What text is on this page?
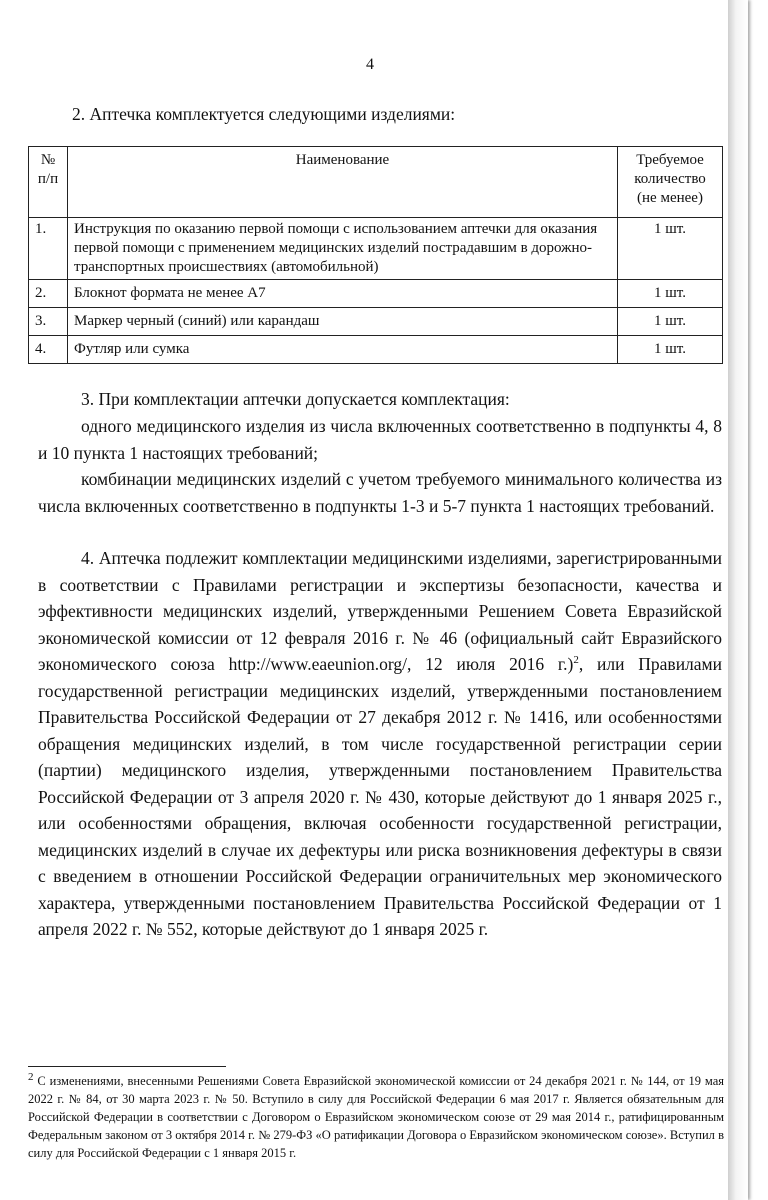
4

2. Аптечка комплектуется следующими изделиями:

№ п/п	Наименование	Требуемое количество (не менее)
1.	Инструкция по оказанию первой помощи с использованием аптечки для оказания первой помощи с применением медицинских изделий пострадавшим в дорожно-транспортных происшествиях (автомобильной)	1 шт.
2.	Блокнот формата не менее А7	1 шт.
3.	Маркер черный (синий) или карандаш	1 шт.
4.	Футляр или сумка	1 шт.

3. При комплектации аптечки допускается комплектация:

одного медицинского изделия из числа включенных соответственно в подпункты 4, 8 и 10 пункта 1 настоящих требований;

комбинации медицинских изделий с учетом требуемого минимального количества из числа включенных соответственно в подпункты 1-3 и 5-7 пункта 1 настоящих требований.

4. Аптечка подлежит комплектации медицинскими изделиями, зарегистрированными в соответствии с Правилами регистрации и экспертизы безопасности, качества и эффективности медицинских изделий, утвержденными Решением Совета Евразийской экономической комиссии от 12 февраля 2016 г. № 46 (официальный сайт Евразийского экономического союза http://www.eaeunion.org/, 12 июля 2016 г.)$^2$, или Правилами государственной регистрации медицинских изделий, утвержденными постановлением Правительства Российской Федерации от 27 декабря 2012 г. № 1416, или особенностями обращения медицинских изделий, в том числе государственной регистрации серии (партии) медицинского изделия, утвержденными постановлением Правительства Российской Федерации от 3 апреля 2020 г. № 430, которые действуют до 1 января 2025 г., или особенностями обращения, включая особенности государственной регистрации, медицинских изделий в случае их дефектуры или риска возникновения дефектуры в связи с введением в отношении Российской Федерации ограничительных мер экономического характера, утвержденными постановлением Правительства Российской Федерации от 1 апреля 2022 г. № 552, которые действуют до 1 января 2025 г.

$^2$ С изменениями, внесенными Решениями Совета Евразийской экономической комиссии от 24 декабря 2021 г. № 144, от 19 мая 2022 г. № 84, от 30 марта 2023 г. № 50. Вступило в силу для Российской Федерации 6 мая 2017 г. Является обязательным для Российской Федерации в соответствии с Договором о Евразийском экономическом союзе от 29 мая 2014 г., ратифицированным Федеральным законом от 3 октября 2014 г. № 279-ФЗ «О ратификации Договора о Евразийском экономическом союзе». Вступил в силу для Российской Федерации с 1 января 2015 г.
